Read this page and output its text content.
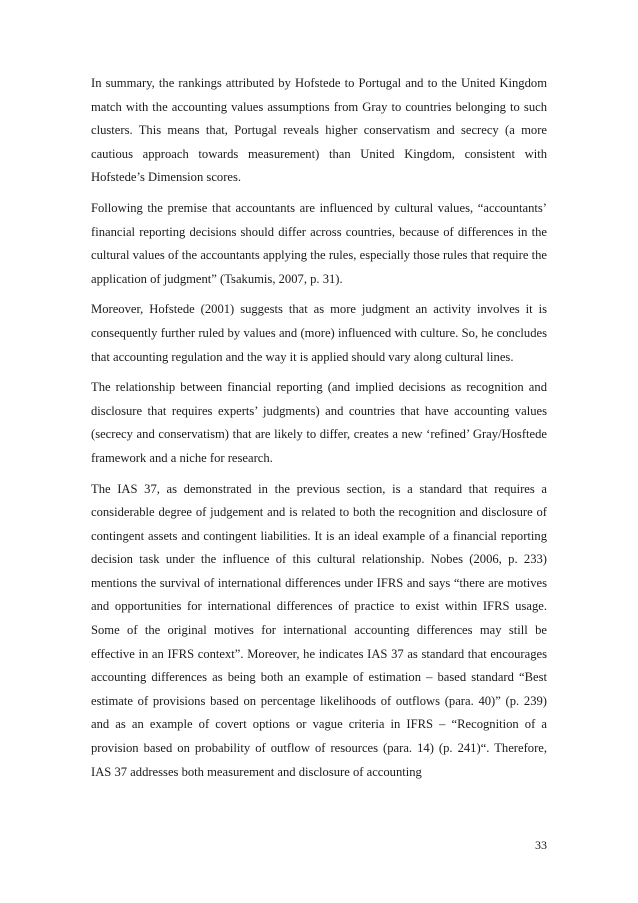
In summary, the rankings attributed by Hofstede to Portugal and to the United Kingdom match with the accounting values assumptions from Gray to countries belonging to such clusters. This means that, Portugal reveals higher conservatism and secrecy (a more cautious approach towards measurement) than United Kingdom, consistent with Hofstede’s Dimension scores.

Following the premise that accountants are influenced by cultural values, “accountants’ financial reporting decisions should differ across countries, because of differences in the cultural values of the accountants applying the rules, especially those rules that require the application of judgment” (Tsakumis, 2007, p. 31).

Moreover, Hofstede (2001) suggests that as more judgment an activity involves it is consequently further ruled by values and (more) influenced with culture. So, he concludes that accounting regulation and the way it is applied should vary along cultural lines.

The relationship between financial reporting (and implied decisions as recognition and disclosure that requires experts’ judgments) and countries that have accounting values (secrecy and conservatism) that are likely to differ, creates a new ‘refined’ Gray/Hosftede framework and a niche for research.

The IAS 37, as demonstrated in the previous section, is a standard that requires a considerable degree of judgement and is related to both the recognition and disclosure of contingent assets and contingent liabilities. It is an ideal example of a financial reporting decision task under the influence of this cultural relationship. Nobes (2006, p. 233) mentions the survival of international differences under IFRS and says “there are motives and opportunities for international differences of practice to exist within IFRS usage. Some of the original motives for international accounting differences may still be effective in an IFRS context”. Moreover, he indicates IAS 37 as standard that encourages accounting differences as being both an example of estimation – based standard “Best estimate of provisions based on percentage likelihoods of outflows (para. 40)” (p. 239) and as an example of covert options or vague criteria in IFRS – “Recognition of a provision based on probability of outflow of resources (para. 14) (p. 241)“. Therefore, IAS 37 addresses both measurement and disclosure of accounting

33
